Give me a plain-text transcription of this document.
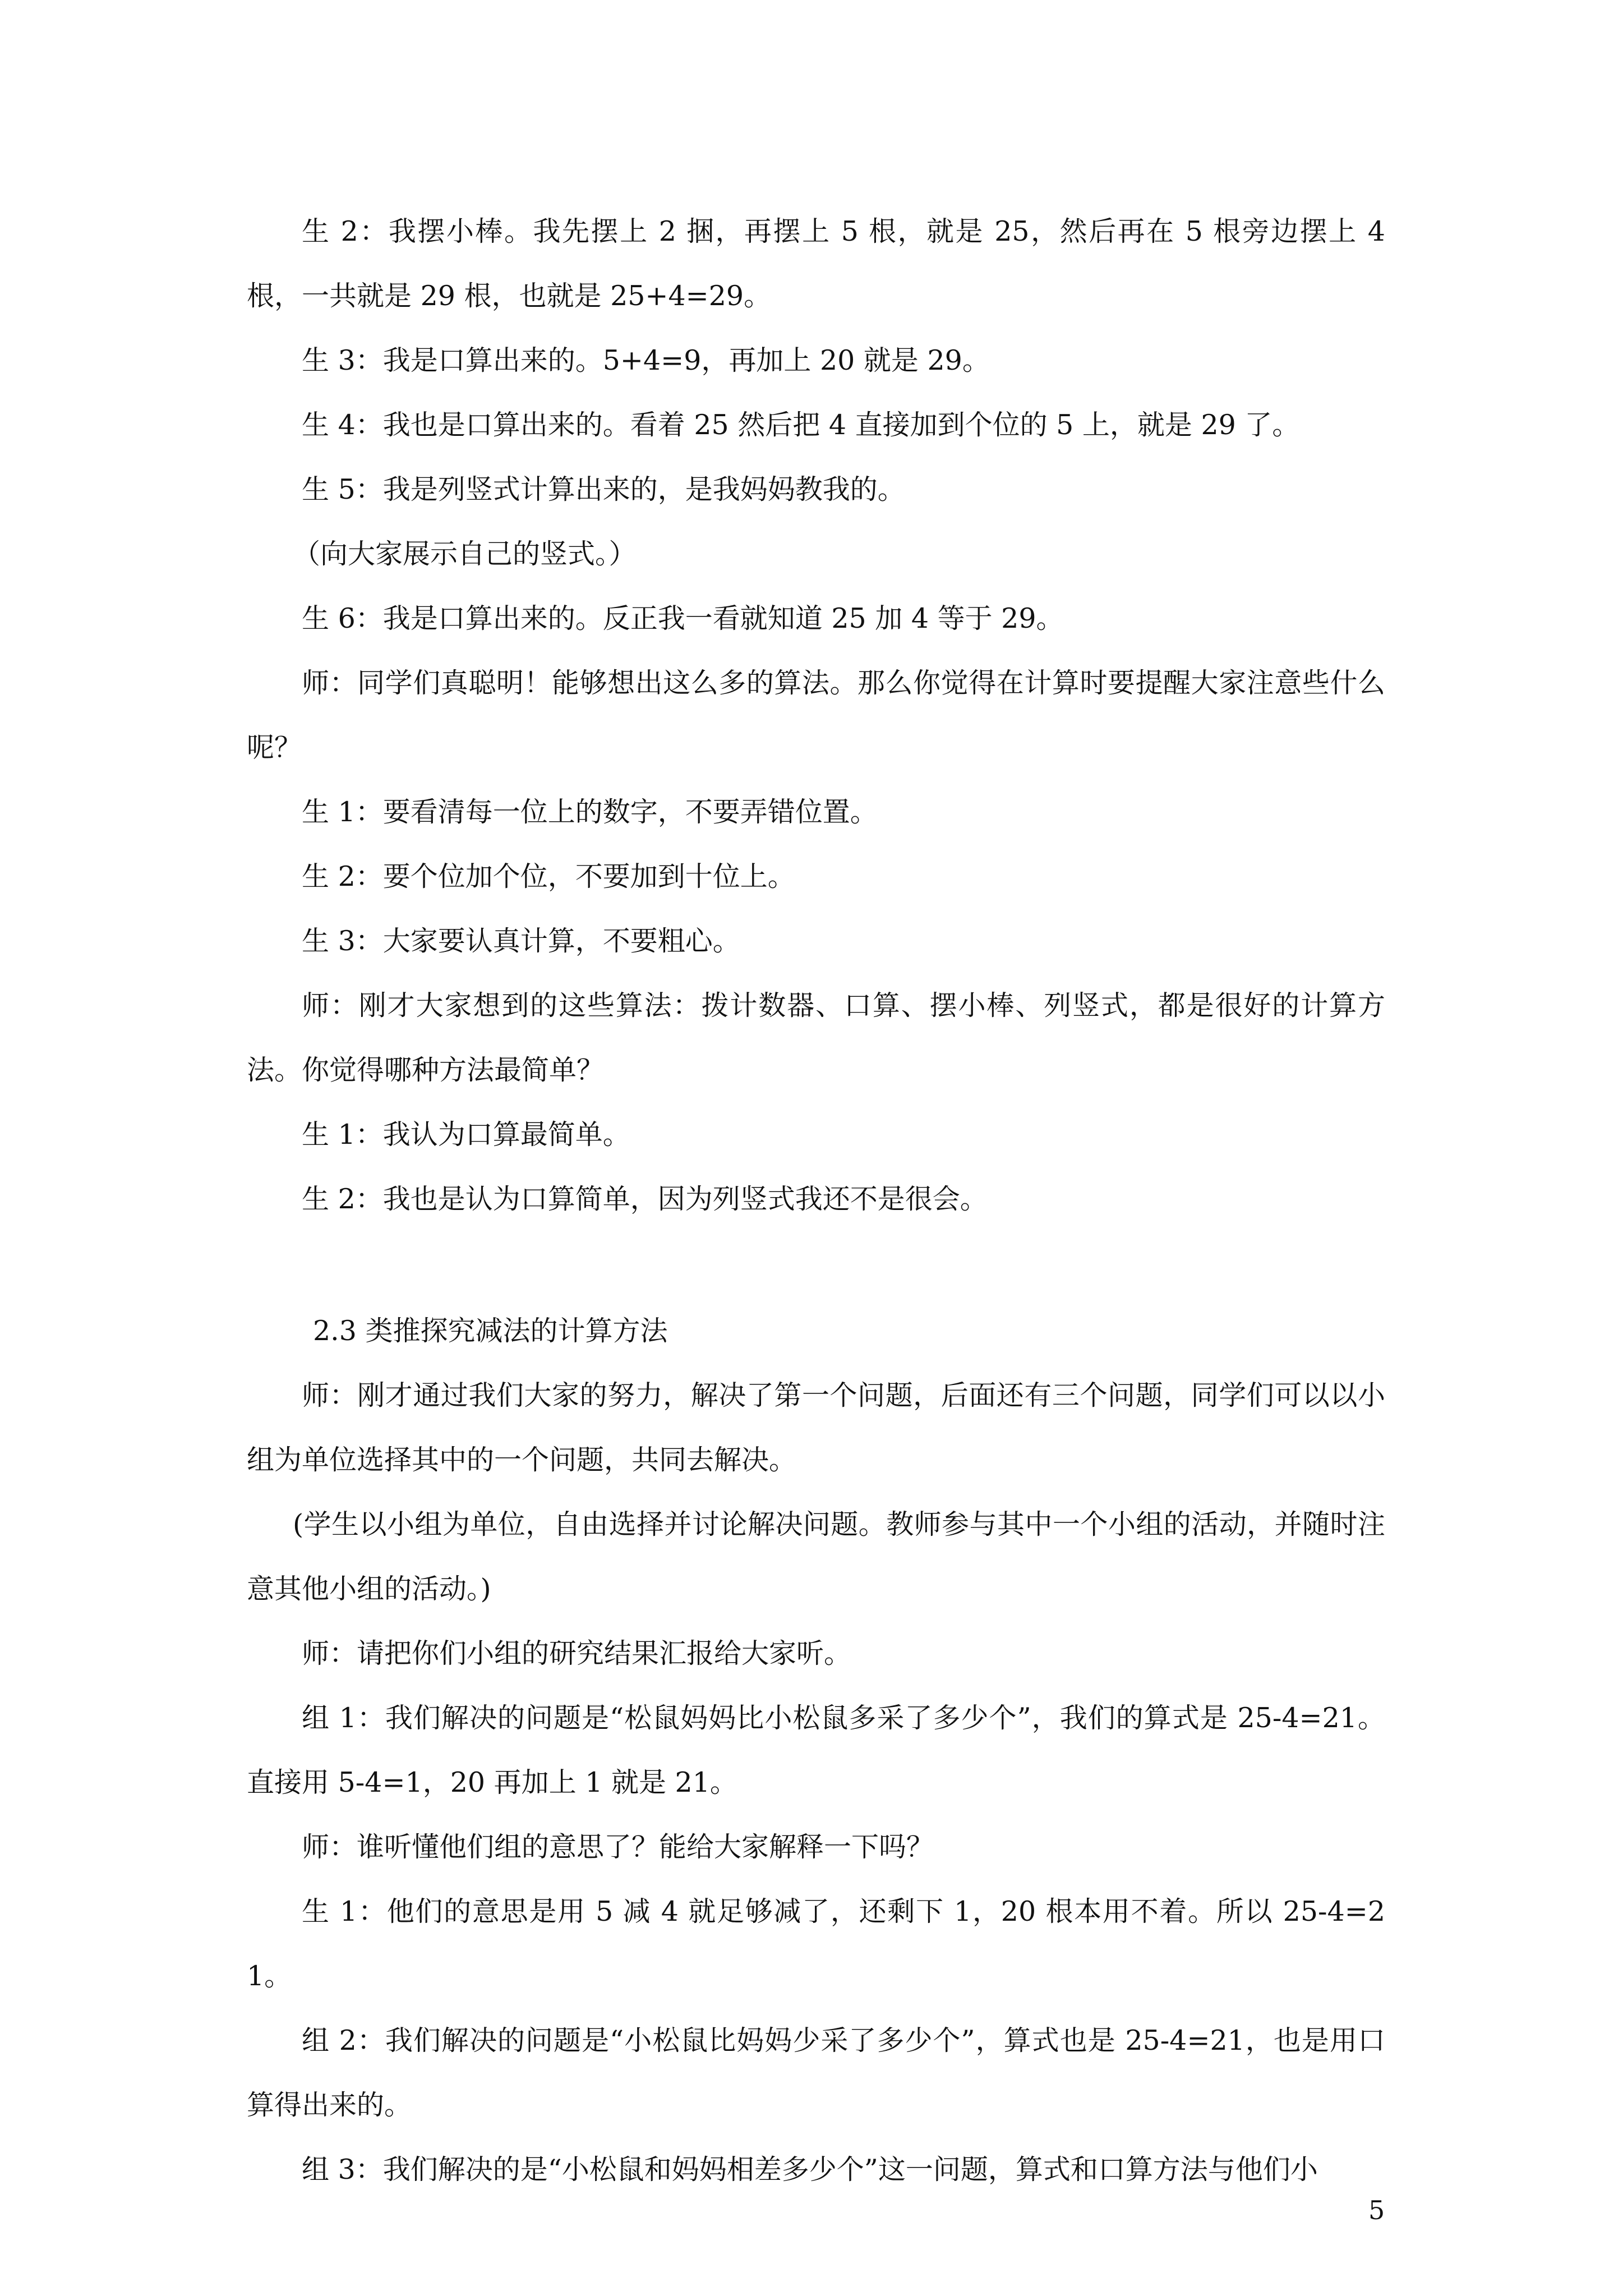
生 2：我摆小棒。我先摆上 2 捆，再摆上 5 根，就是 25，然后再在 5 根旁边摆上 4 根，一共就是 29 根，也就是 25+4=29。

生 3：我是口算出来的。5+4=9，再加上 20 就是 29。

生 4：我也是口算出来的。看着 25 然后把 4 直接加到个位的 5 上，就是 29 了。

生 5：我是列竖式计算出来的，是我妈妈教我的。

（向大家展示自己的竖式。）

生 6：我是口算出来的。反正我一看就知道 25 加 4 等于 29。

师：同学们真聪明！能够想出这么多的算法。那么你觉得在计算时要提醒大家注意些什么呢？

生 1：要看清每一位上的数字，不要弄错位置。

生 2：要个位加个位，不要加到十位上。

生 3：大家要认真计算，不要粗心。

师：刚才大家想到的这些算法：拨计数器、口算、摆小棒、列竖式，都是很好的计算方法。你觉得哪种方法最简单？

生 1：我认为口算最简单。

生 2：我也是认为口算简单，因为列竖式我还不是很会。

2.3 类推探究减法的计算方法

师：刚才通过我们大家的努力，解决了第一个问题，后面还有三个问题，同学们可以以小组为单位选择其中的一个问题，共同去解决。

(学生以小组为单位，自由选择并讨论解决问题。教师参与其中一个小组的活动，并随时注意其他小组的活动。)

师：请把你们小组的研究结果汇报给大家听。

组 1：我们解决的问题是“松鼠妈妈比小松鼠多采了多少个”，我们的算式是 25-4=21。直接用 5-4=1，20 再加上 1 就是 21。

师：谁听懂他们组的意思了？能给大家解释一下吗？

生 1：他们的意思是用 5 减 4 就足够减了，还剩下 1，20 根本用不着。所以 25-4=21。

组 2：我们解决的问题是“小松鼠比妈妈少采了多少个”，算式也是 25-4=21，也是用口算得出来的。

组 3：我们解决的是“小松鼠和妈妈相差多少个”这一问题，算式和口算方法与他们小

5
